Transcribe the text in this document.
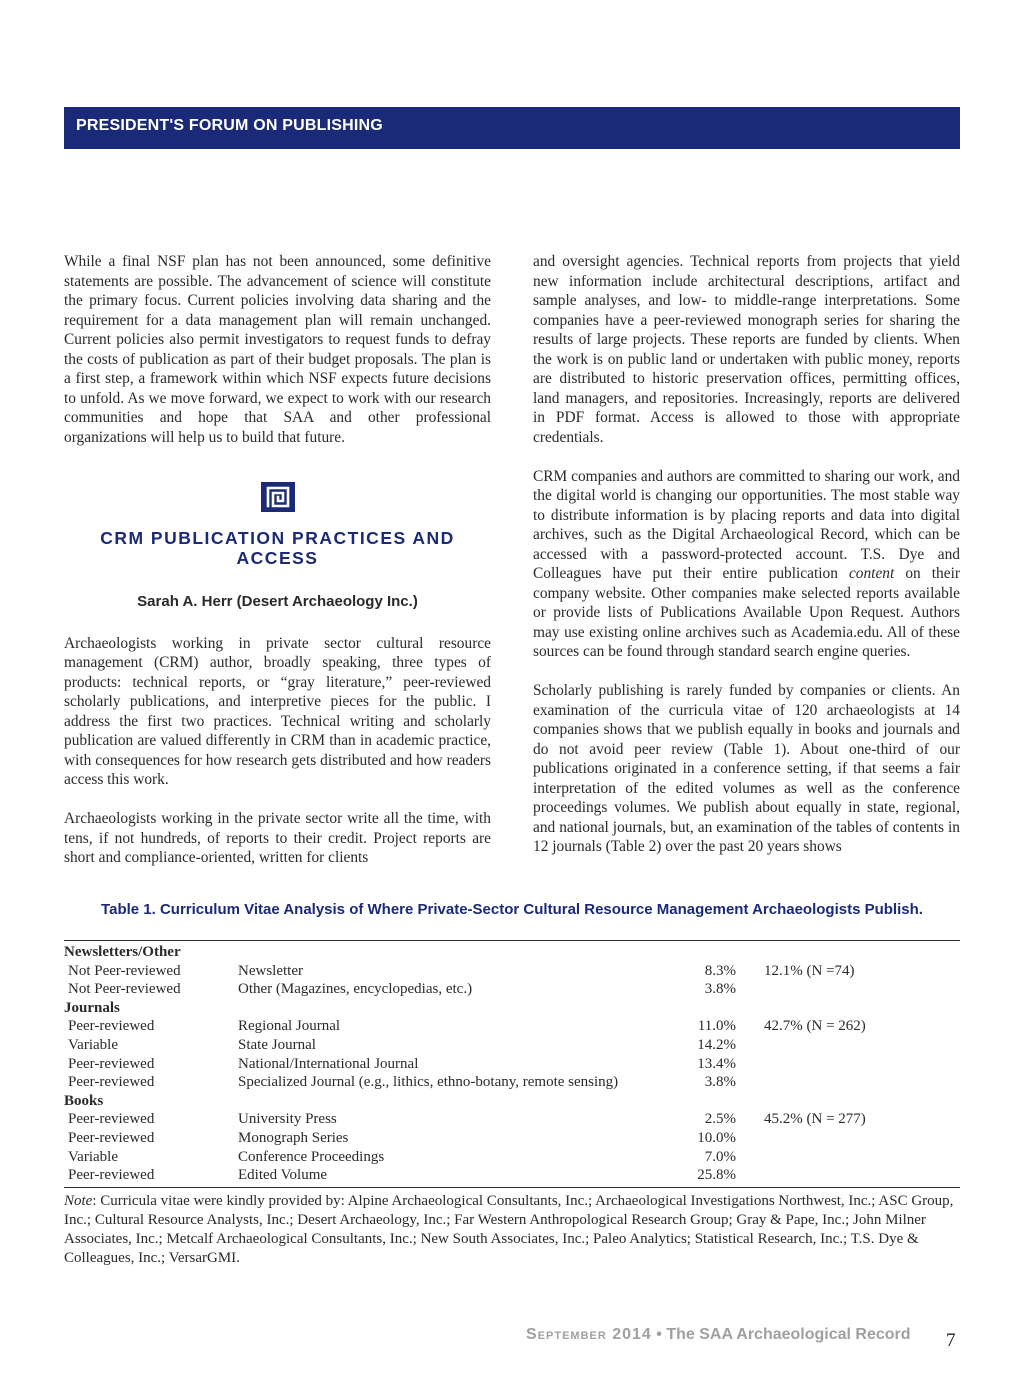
PRESIDENT'S FORUM ON PUBLISHING

While a final NSF plan has not been announced, some definitive statements are possible. The advancement of science will constitute the primary focus. Current policies involving data sharing and the requirement for a data management plan will remain unchanged. Current policies also permit investigators to request funds to defray the costs of publication as part of their budget proposals. The plan is a first step, a framework within which NSF expects future decisions to unfold. As we move forward, we expect to work with our research communities and hope that SAA and other professional organizations will help us to build that future.

CRM PUBLICATION PRACTICES AND ACCESS
Sarah A. Herr (Desert Archaeology Inc.)

Archaeologists working in private sector cultural resource management (CRM) author, broadly speaking, three types of products: technical reports, or “gray literature,” peer-reviewed scholarly publications, and interpretive pieces for the public. I address the first two practices. Technical writing and scholarly publication are valued differently in CRM than in academic practice, with consequences for how research gets distributed and how readers access this work.

Archaeologists working in the private sector write all the time, with tens, if not hundreds, of reports to their credit. Project reports are short and compliance-oriented, written for clients

and oversight agencies. Technical reports from projects that yield new information include architectural descriptions, artifact and sample analyses, and low- to middle-range interpretations. Some companies have a peer-reviewed monograph series for sharing the results of large projects. These reports are funded by clients. When the work is on public land or undertaken with public money, reports are distributed to historic preservation offices, permitting offices, land managers, and repositories. Increasingly, reports are delivered in PDF format. Access is allowed to those with appropriate credentials.

CRM companies and authors are committed to sharing our work, and the digital world is changing our opportunities. The most stable way to distribute information is by placing reports and data into digital archives, such as the Digital Archaeological Record, which can be accessed with a password-protected account. T.S. Dye and Colleagues have put their entire publication content on their company website. Other companies make selected reports available or provide lists of Publications Available Upon Request. Authors may use existing online archives such as Academia.edu. All of these sources can be found through standard search engine queries.

Scholarly publishing is rarely funded by companies or clients. An examination of the curricula vitae of 120 archaeologists at 14 companies shows that we publish equally in books and journals and do not avoid peer review (Table 1). About one-third of our publications originated in a conference setting, if that seems a fair interpretation of the edited volumes as well as the conference proceedings volumes. We publish about equally in state, regional, and national journals, but, an examination of the tables of contents in 12 journals (Table 2) over the past 20 years shows

Table 1. Curriculum Vitae Analysis of Where Private-Sector Cultural Resource Management Archaeologists Publish.
Newsletters/Other			
Not Peer-reviewed	Newsletter	8.3%	12.1% (N =74)
Not Peer-reviewed	Other (Magazines, encyclopedias, etc.)	3.8%	
Journals			
Peer-reviewed	Regional Journal	11.0%	42.7% (N = 262)
Variable	State Journal	14.2%	
Peer-reviewed	National/International Journal	13.4%	
Peer-reviewed	Specialized Journal (e.g., lithics, ethno-botany, remote sensing)	3.8%	
Books			
Peer-reviewed	University Press	2.5%	45.2% (N = 277)
Peer-reviewed	Monograph Series	10.0%	
Variable	Conference Proceedings	7.0%	
Peer-reviewed	Edited Volume	25.8%	
Note: Curricula vitae were kindly provided by: Alpine Archaeological Consultants, Inc.; Archaeological Investigations Northwest, Inc.; ASC Group, Inc.; Cultural Resource Analysts, Inc.; Desert Archaeology, Inc.; Far Western Anthropological Research Group; Gray & Pape, Inc.; John Milner Associates, Inc.; Metcalf Archaeological Consultants, Inc.; New South Associates, Inc.; Paleo Analytics; Statistical Research, Inc.; T.S. Dye & Colleagues, Inc.; VersarGMI.
September 2014 • The SAA Archaeological Record 7
